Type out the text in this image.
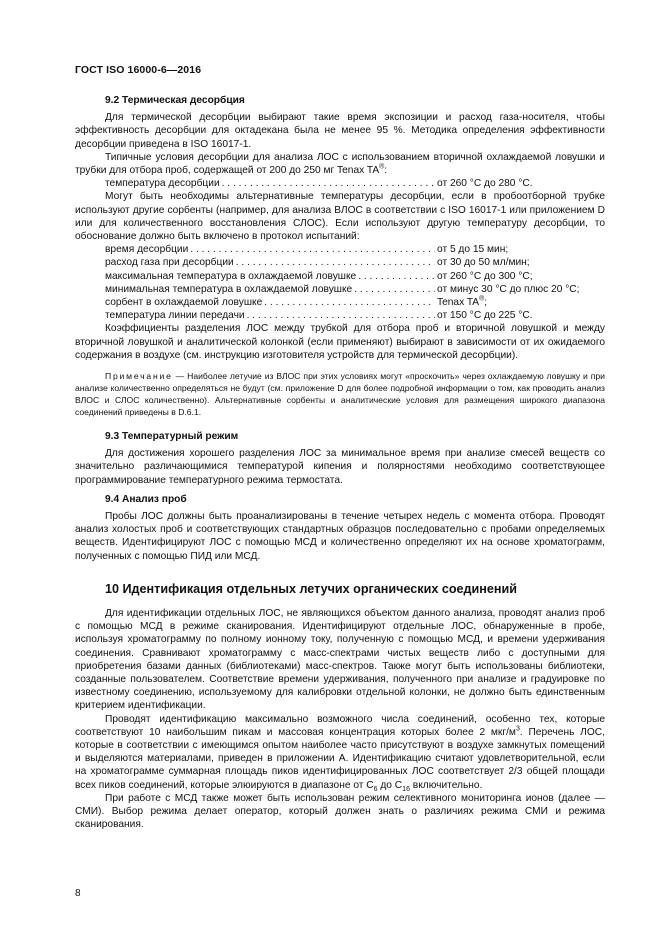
ГОСТ ISO 16000-6—2016
9.2 Термическая десорбция

Для термической десорбции выбирают такие время экспозиции и расход газа-носителя, чтобы эффективность десорбции для октадекана была не менее 95 %. Методика определения эффективности десорбции приведена в ISO 16017-1.

Типичные условия десорбции для анализа ЛОС с использованием вторичной охлаждаемой ловушки и трубки для отбора проб, содержащей от 200 до 250 мг Tenax TA®:

температура десорбции . . .	от 260 °С до 280 °С.

Могут быть необходимы альтернативные температуры десорбции, если в пробоотборной трубке используют другие сорбенты (например, для анализа ВЛОС в соответствии с ISO 16017-1 или приложением D или для количественного восстановления СЛОС). Если используют другую температуру десорбции, то обоснование должно быть включено в протокол испытаний:

время десорбции . . .	от 5 до 15 мин;
расход газа при десорбции . . .	от 30 до 50 мл/мин;
максимальная температура в охлаждаемой ловушке . . .	от 260 °С до 300 °С;
минимальная температура в охлаждаемой ловушке . . .	от минус 30 °С до плюс 20 °С;
сорбент в охлаждаемой ловушке . . .	Tenax TA®;
температура линии передачи . . .	от 150 °С до 225 °С.

Коэффициенты разделения ЛОС между трубкой для отбора проб и вторичной ловушкой и между вторичной ловушкой и аналитической колонкой (если применяют) выбирают в зависимости от их ожидаемого содержания в воздухе (см. инструкцию изготовителя устройств для термической десорбции).

Примечание — Наиболее летучие из ВЛОС при этих условиях могут «проскочить» через охлаждаемую ловушку и при анализе количественно определяться не будут (см. приложение D для более подробной информации о том, как проводить анализ ВЛОС и СЛОС количественно). Альтернативные сорбенты и аналитические условия для размещения широкого диапазона соединений приведены в D.6.1.

9.3 Температурный режим

Для достижения хорошего разделения ЛОС за минимальное время при анализе смесей веществ со значительно различающимися температурой кипения и полярностями необходимо соответствующее программирование температурного режима термостата.

9.4 Анализ проб

Пробы ЛОС должны быть проанализированы в течение четырех недель с момента отбора. Проводят анализ холостых проб и соответствующих стандартных образцов последовательно с пробами определяемых веществ. Идентифицируют ЛОС с помощью МСД и количественно определяют их на основе хроматограмм, полученных с помощью ПИД или МСД.

10 Идентификация отдельных летучих органических соединений

Для идентификации отдельных ЛОС, не являющихся объектом данного анализа, проводят анализ проб с помощью МСД в режиме сканирования. Идентифицируют отдельные ЛОС, обнаруженные в пробе, используя хроматограмму по полному ионному току, полученную с помощью МСД, и времени удерживания соединения. Сравнивают хроматограмму с масс-спектрами чистых веществ либо с доступными для приобретения базами данных (библиотеками) масс-спектров. Также могут быть использованы библиотеки, созданные пользователем. Соответствие времени удерживания, полученного при анализе и градуировке по известному соединению, используемому для калибровки отдельной колонки, не должно быть единственным критерием идентификации.

Проводят идентификацию максимально возможного числа соединений, особенно тех, которые соответствуют 10 наибольшим пикам и массовая концентрация которых более 2 мкг/$м^3$. Перечень ЛОС, которые в соответствии с имеющимся опытом наиболее часто присутствуют в воздухе замкнутых помещений и выделяются материалами, приведен в приложении А. Идентификацию считают удовлетворительной, если на хроматограмме суммарная площадь пиков идентифицированных ЛОС соответствует 2/3 общей площади всех пиков соединений, которые элюируются в диапазоне от $С_6$ до $С_{16}$ включительно.

При работе с МСД также может быть использован режим селективного мониторинга ионов (далее — СМИ). Выбор режима делает оператор, который должен знать о различиях режима СМИ и режима сканирования.

8
